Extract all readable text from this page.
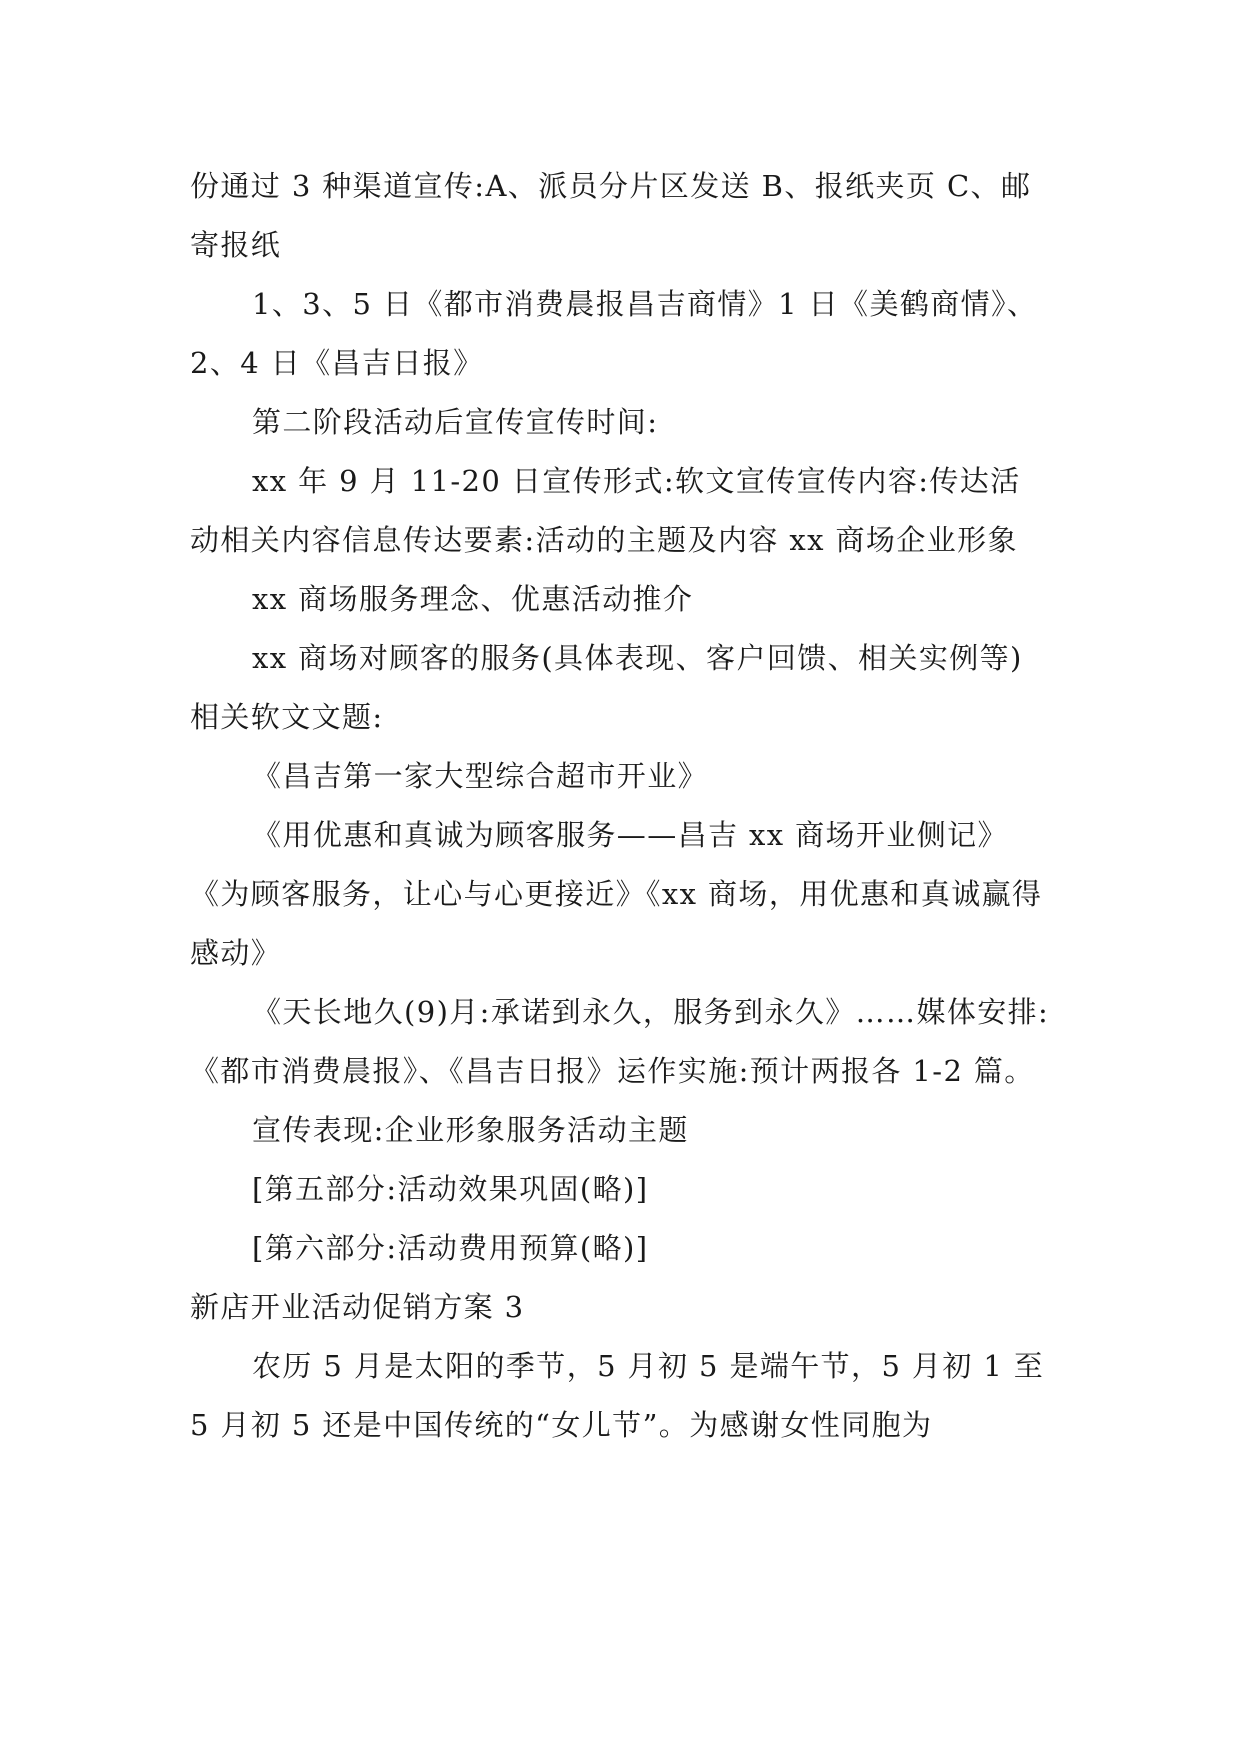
份通过 3 种渠道宣传:A、派员分片区发送 B、报纸夹页 C、邮寄报纸

1、3、5 日《都市消费晨报昌吉商情》1 日《美鹤商情》、2、4 日《昌吉日报》

第二阶段活动后宣传宣传时间:

xx 年 9 月 11-20 日宣传形式:软文宣传宣传内容:传达活动相关内容信息传达要素:活动的主题及内容 xx 商场企业形象

xx 商场服务理念、优惠活动推介

xx 商场对顾客的服务(具体表现、客户回馈、相关实例等)相关软文文题:

《昌吉第一家大型综合超市开业》

《用优惠和真诚为顾客服务——昌吉 xx 商场开业侧记》《为顾客服务，让心与心更接近》《xx 商场，用优惠和真诚赢得感动》

《天长地久(9)月:承诺到永久，服务到永久》……媒体安排:《都市消费晨报》、《昌吉日报》运作实施:预计两报各 1-2 篇。

宣传表现:企业形象服务活动主题

[第五部分:活动效果巩固(略)]

[第六部分:活动费用预算(略)]

新店开业活动促销方案 3

农历 5 月是太阳的季节，5 月初 5 是端午节，5 月初 1 至 5 月初 5 还是中国传统的“女儿节”。为感谢女性同胞为
